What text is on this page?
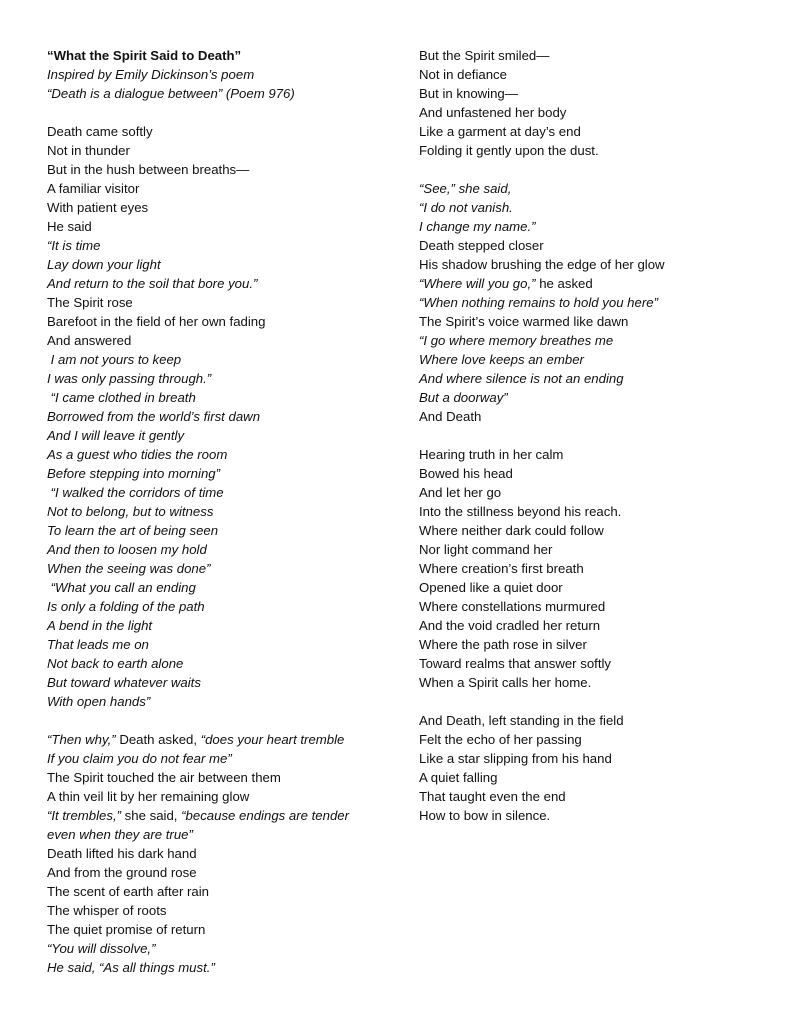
“What the Spirit Said to Death”
Inspired by Emily Dickinson’s poem
“Death is a dialogue between” (Poem 976)
Death came softly
Not in thunder
But in the hush between breaths—
A familiar visitor
With patient eyes
He said
“It is time
Lay down your light
And return to the soil that bore you.”
The Spirit rose
Barefoot in the field of her own fading
And answered
I am not yours to keep
I was only passing through.”
“I came clothed in breath
Borrowed from the world’s first dawn
And I will leave it gently
As a guest who tidies the room
Before stepping into morning”
“I walked the corridors of time
Not to belong, but to witness
To learn the art of being seen
And then to loosen my hold
When the seeing was done”
“What you call an ending
Is only a folding of the path
A bend in the light
That leads me on
Not back to earth alone
But toward whatever waits
With open hands”
“Then why,” Death asked, “does your heart tremble
If you claim you do not fear me”
The Spirit touched the air between them
A thin veil lit by her remaining glow
“It trembles,” she said, “because endings are tender
even when they are true”
Death lifted his dark hand
And from the ground rose
The scent of earth after rain
The whisper of roots
The quiet promise of return
“You will dissolve,”
He said, “As all things must.”
But the Spirit smiled—
Not in defiance
But in knowing—
And unfastened her body
Like a garment at day’s end
Folding it gently upon the dust.
“See,” she said,
“I do not vanish.
I change my name.”
Death stepped closer
His shadow brushing the edge of her glow
“Where will you go,” he asked
“When nothing remains to hold you here”
The Spirit’s voice warmed like dawn
“I go where memory breathes me
Where love keeps an ember
And where silence is not an ending
But a doorway”
And Death
Hearing truth in her calm
Bowed his head
And let her go
Into the stillness beyond his reach.
Where neither dark could follow
Nor light command her
Where creation’s first breath
Opened like a quiet door
Where constellations murmured
And the void cradled her return
Where the path rose in silver
Toward realms that answer softly
When a Spirit calls her home.
And Death, left standing in the field
Felt the echo of her passing
Like a star slipping from his hand
A quiet falling
That taught even the end
How to bow in silence.
